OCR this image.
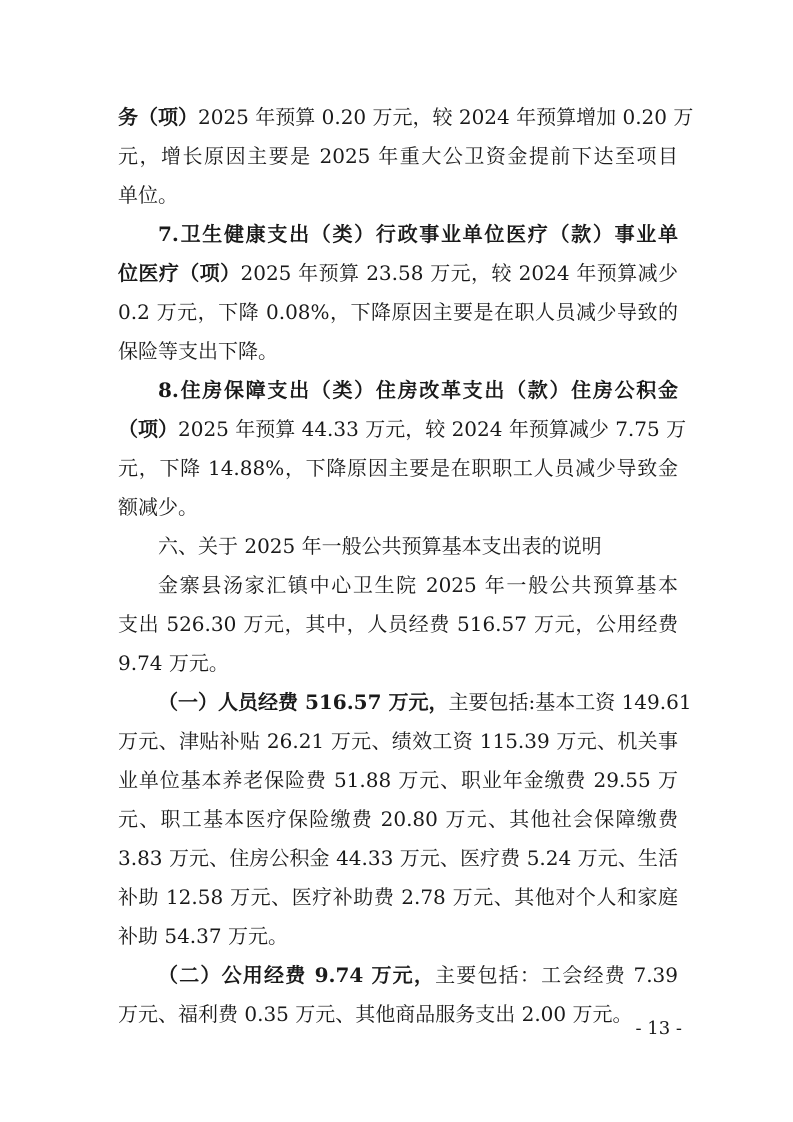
务（项）2025 年预算 0.20 万元，较 2024 年预算增加 0.20 万
元，增长原因主要是 2025 年重大公卫资金提前下达至项目
单位。
7.卫生健康支出（类）行政事业单位医疗（款）事业单
位医疗（项）2025 年预算 23.58 万元，较 2024 年预算减少
0.2 万元，下降 0.08%，下降原因主要是在职人员减少导致的
保险等支出下降。
8.住房保障支出（类）住房改革支出（款）住房公积金
（项）2025 年预算 44.33 万元，较 2024 年预算减少 7.75 万
元，下降 14.88%，下降原因主要是在职职工人员减少导致金
额减少。
六、关于 2025 年一般公共预算基本支出表的说明
金寨县汤家汇镇中心卫生院 2025 年一般公共预算基本
支出 526.30 万元，其中，人员经费 516.57 万元，公用经费
9.74 万元。
（一）人员经费 516.57 万元，主要包括:基本工资 149.61
万元、津贴补贴 26.21 万元、绩效工资 115.39 万元、机关事
业单位基本养老保险费 51.88 万元、职业年金缴费 29.55 万
元、职工基本医疗保险缴费 20.80 万元、其他社会保障缴费
3.83 万元、住房公积金 44.33 万元、医疗费 5.24 万元、生活
补助 12.58 万元、医疗补助费 2.78 万元、其他对个人和家庭
补助 54.37 万元。
（二）公用经费 9.74 万元，主要包括：工会经费 7.39
万元、福利费 0.35 万元、其他商品服务支出 2.00 万元。
- 13 -
